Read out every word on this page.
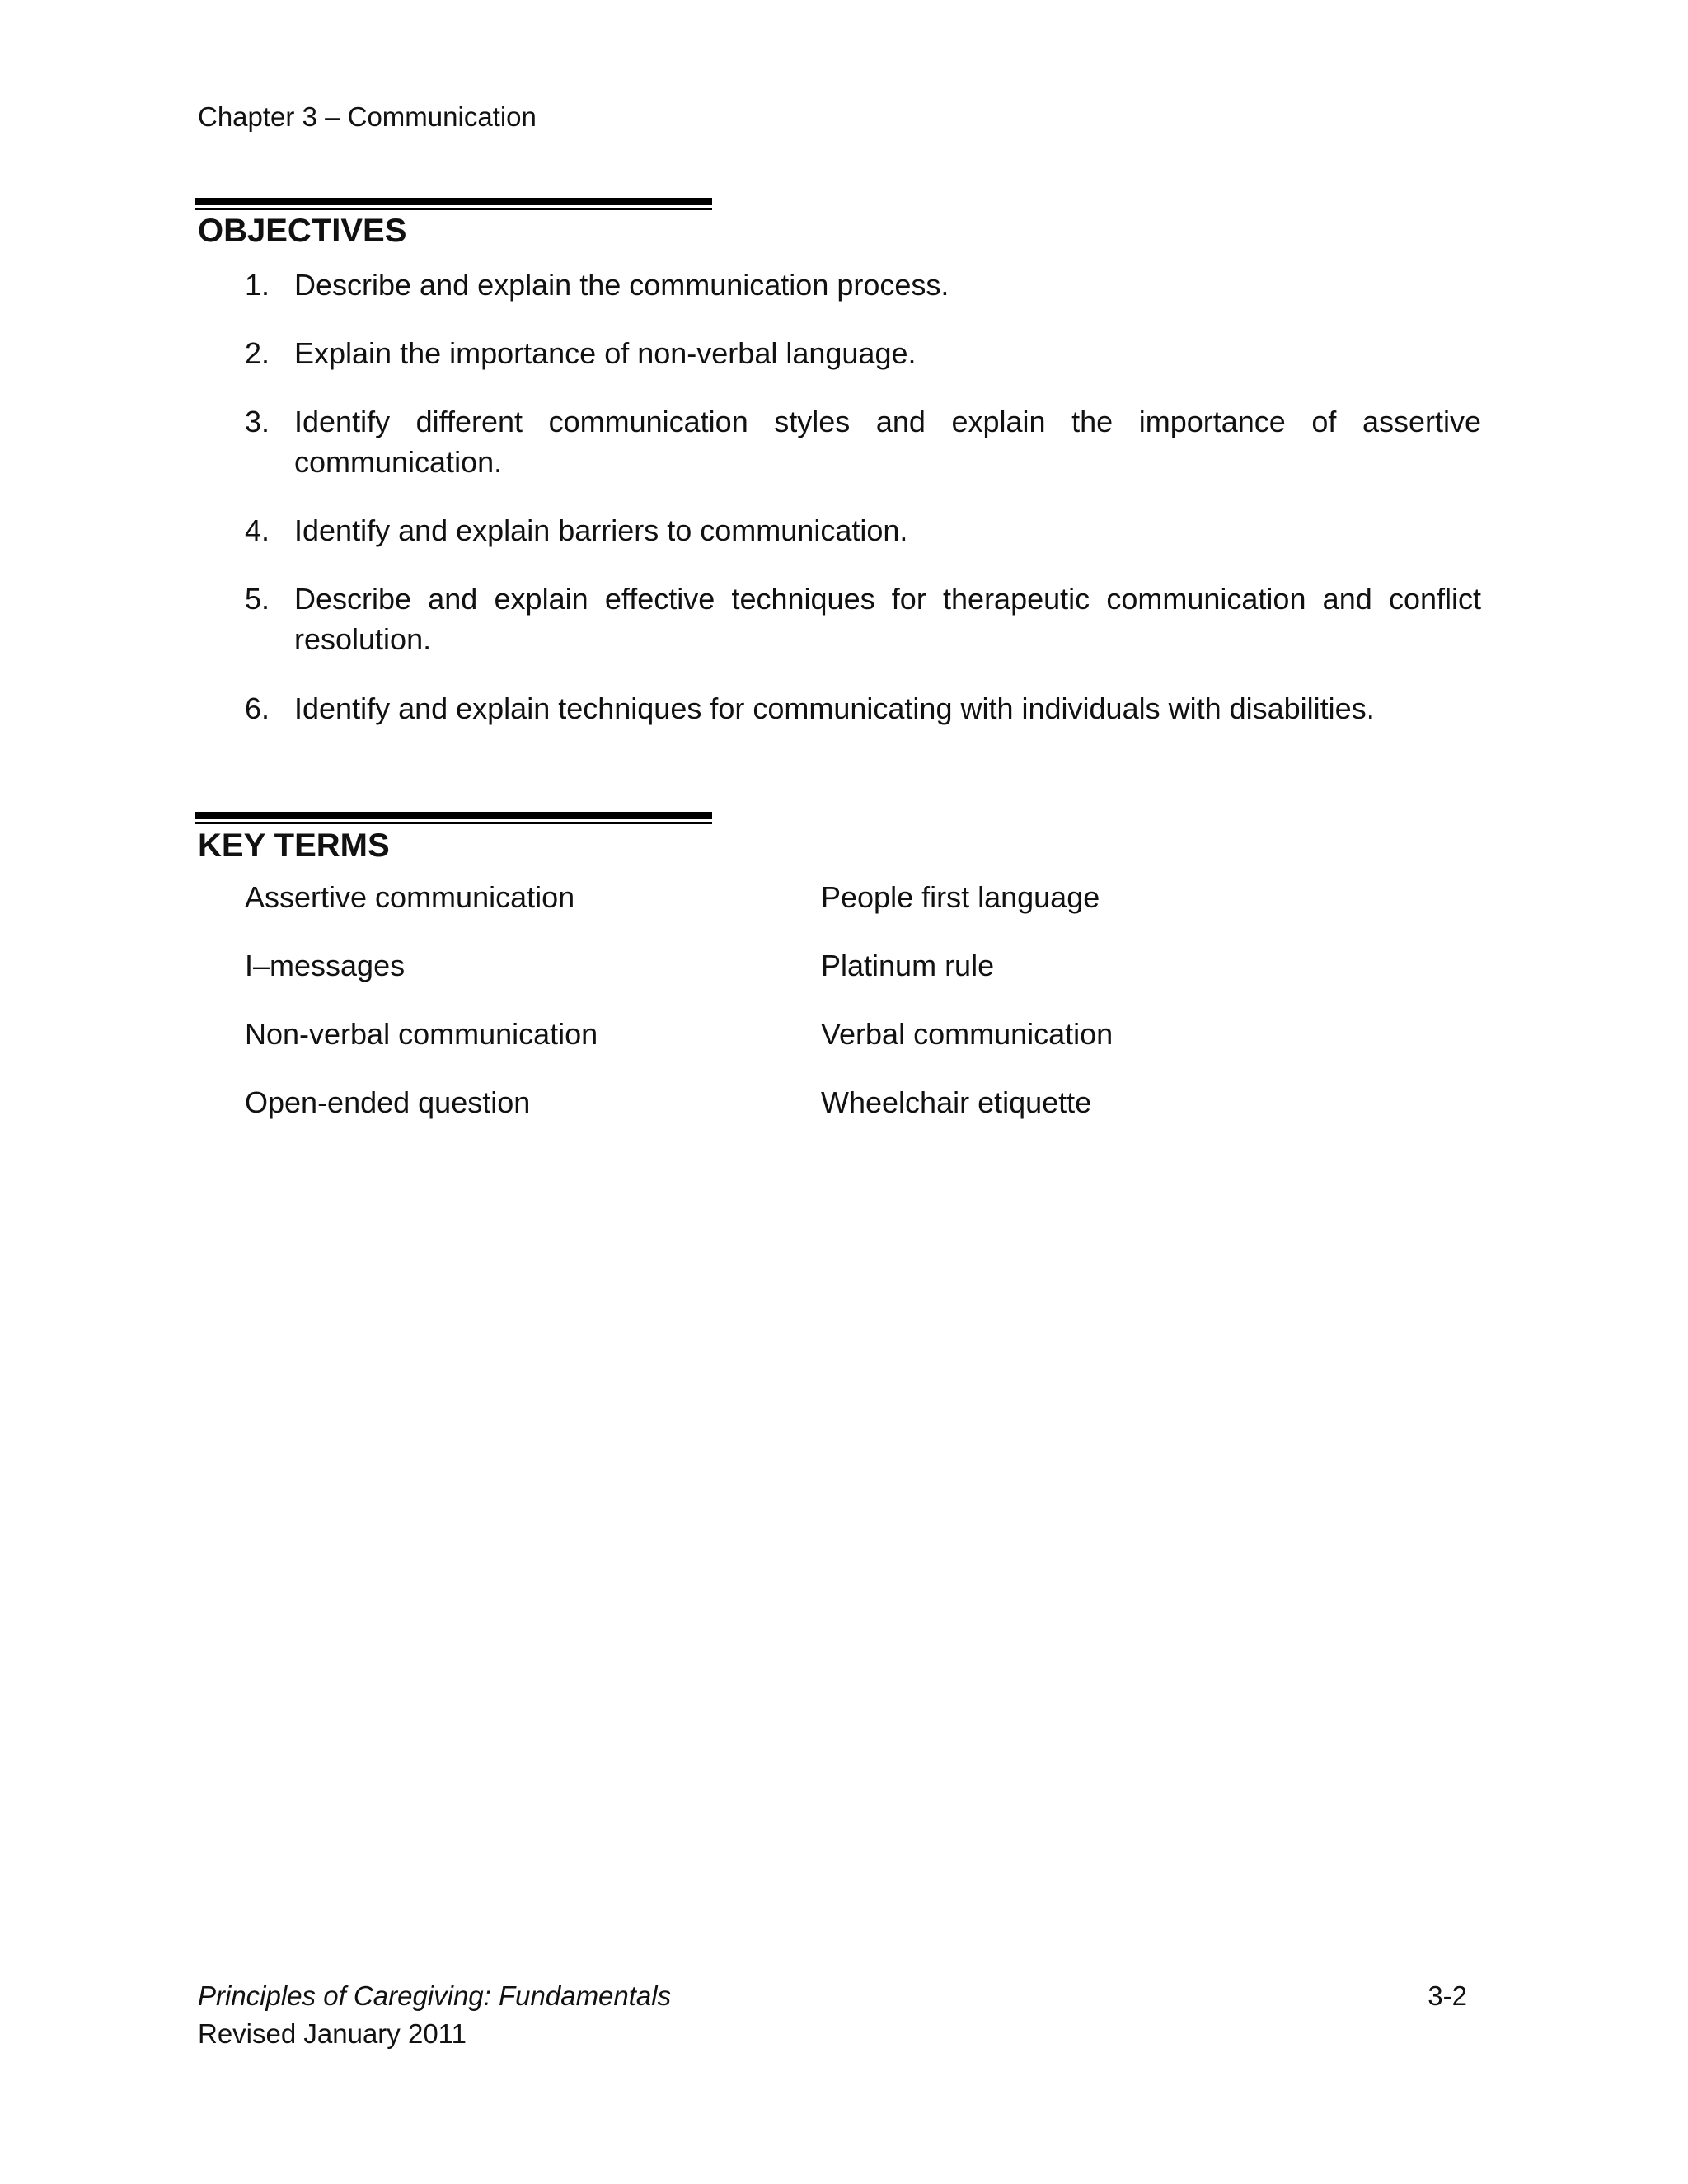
Chapter 3 – Communication
OBJECTIVES
1. Describe and explain the communication process.
2. Explain the importance of non-verbal language.
3. Identify different communication styles and explain the importance of assertive communication.
4. Identify and explain barriers to communication.
5. Describe and explain effective techniques for therapeutic communication and conflict resolution.
6. Identify and explain techniques for communicating with individuals with disabilities.
KEY TERMS
Assertive communication
I–messages
Non-verbal communication
Open-ended question
People first language
Platinum rule
Verbal communication
Wheelchair etiquette
Principles of Caregiving: Fundamentals
Revised January 2011
3-2
